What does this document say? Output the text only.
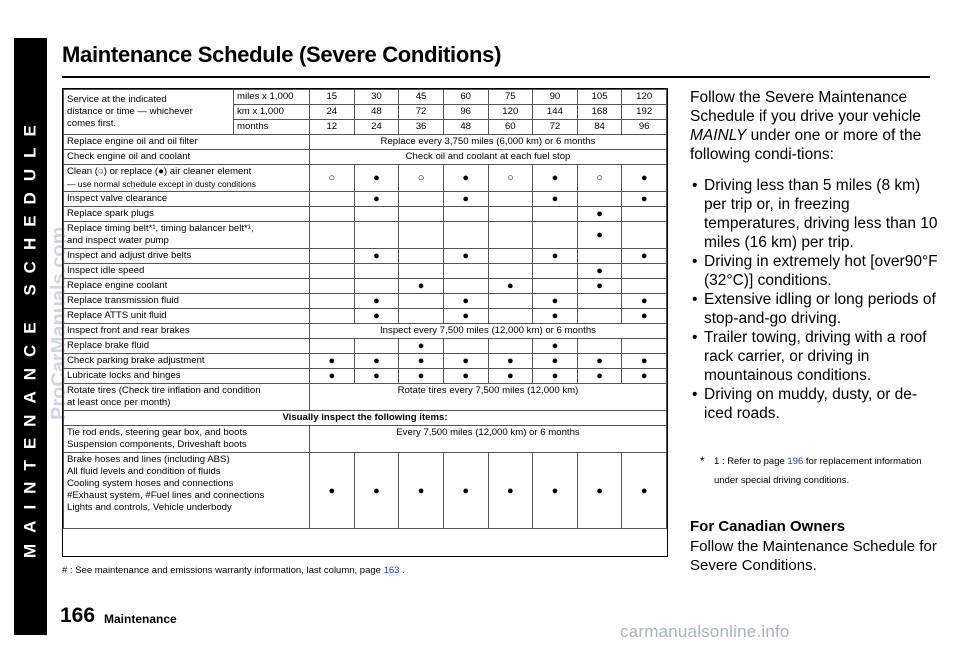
MAINTENANCE SCHEDULE ProCarManuals.com
Maintenance Schedule (Severe Conditions)
Service at the indicated
distance or time — whichever
comes first.	miles x 1,000	15	30	45	60	75	90	105	120
	km x 1,000	24	48	72	96	120	144	168	192
	months	12	24	36	48	60	72	84	96
Replace engine oil and oil filter		Replace every 3,750 miles (6,000 km) or 6 months							
Check engine oil and coolant		Check oil and coolant at each fuel stop							

Clean (○) or replace (●) air cleaner element
— use normal schedule except in dusty conditions		○	●	○	●	○	●	○	●
Inspect valve clearance			●		●		●		●
Replace spark plugs								●	

Replace timing belt*¹, timing balancer belt*¹,
and inspect water pump								●	
Inspect and adjust drive belts			●		●		●		●
Inspect idle speed								●	
Replace engine coolant				●		●		●	
Replace transmission fluid			●		●		●		●
Replace ATTS unit fluid			●		●		●		●
Inspect front and rear brakes		Inspect every 7,500 miles (12,000 km) or 6 months							
Replace brake fluid				●			●		
Check parking brake adjustment		●	●	●	●	●	●	●	●
Lubricate locks and hinges		●	●	●	●	●	●	●	●

Rotate tires (Check tire inflation and condition
at least once per month)		Rotate tires every 7,500 miles (12,000 km)							
Visually inspect the following items:									

Tie rod ends, steering gear box, and boots
Suspension components, Driveshaft boots		Every 7,500 miles (12,000 km) or 6 months							

Brake hoses and lines (including ABS)
All fluid levels and condition of fluids
Cooling system hoses and connections
#Exhaust system, #Fuel lines and connections
Lights and controls, Vehicle underbody		●	●	●	●	●	●	●	●
# : See maintenance and emissions warranty information, last column, page 163 .
166 Maintenance
Follow the Severe Maintenance Schedule if you drive your vehicle MAINLY under one or more of the following condi-tions:
• Driving less than 5 miles (8 km) per trip or, in freezing temperatures, driving less than 10 miles (16 km) per trip.
• Driving in extremely hot [over90°F (32°C)] conditions.
• Extensive idling or long periods of stop-and-go driving.
• Trailer towing, driving with a roof rack carrier, or driving in mountainous conditions.
• Driving on muddy, dusty, or de-iced roads.
* 1 : Refer to page 196 for replacement information under special driving conditions.
For Canadian Owners
Follow the Maintenance Schedule for Severe Conditions.
carmanualsonline.info
